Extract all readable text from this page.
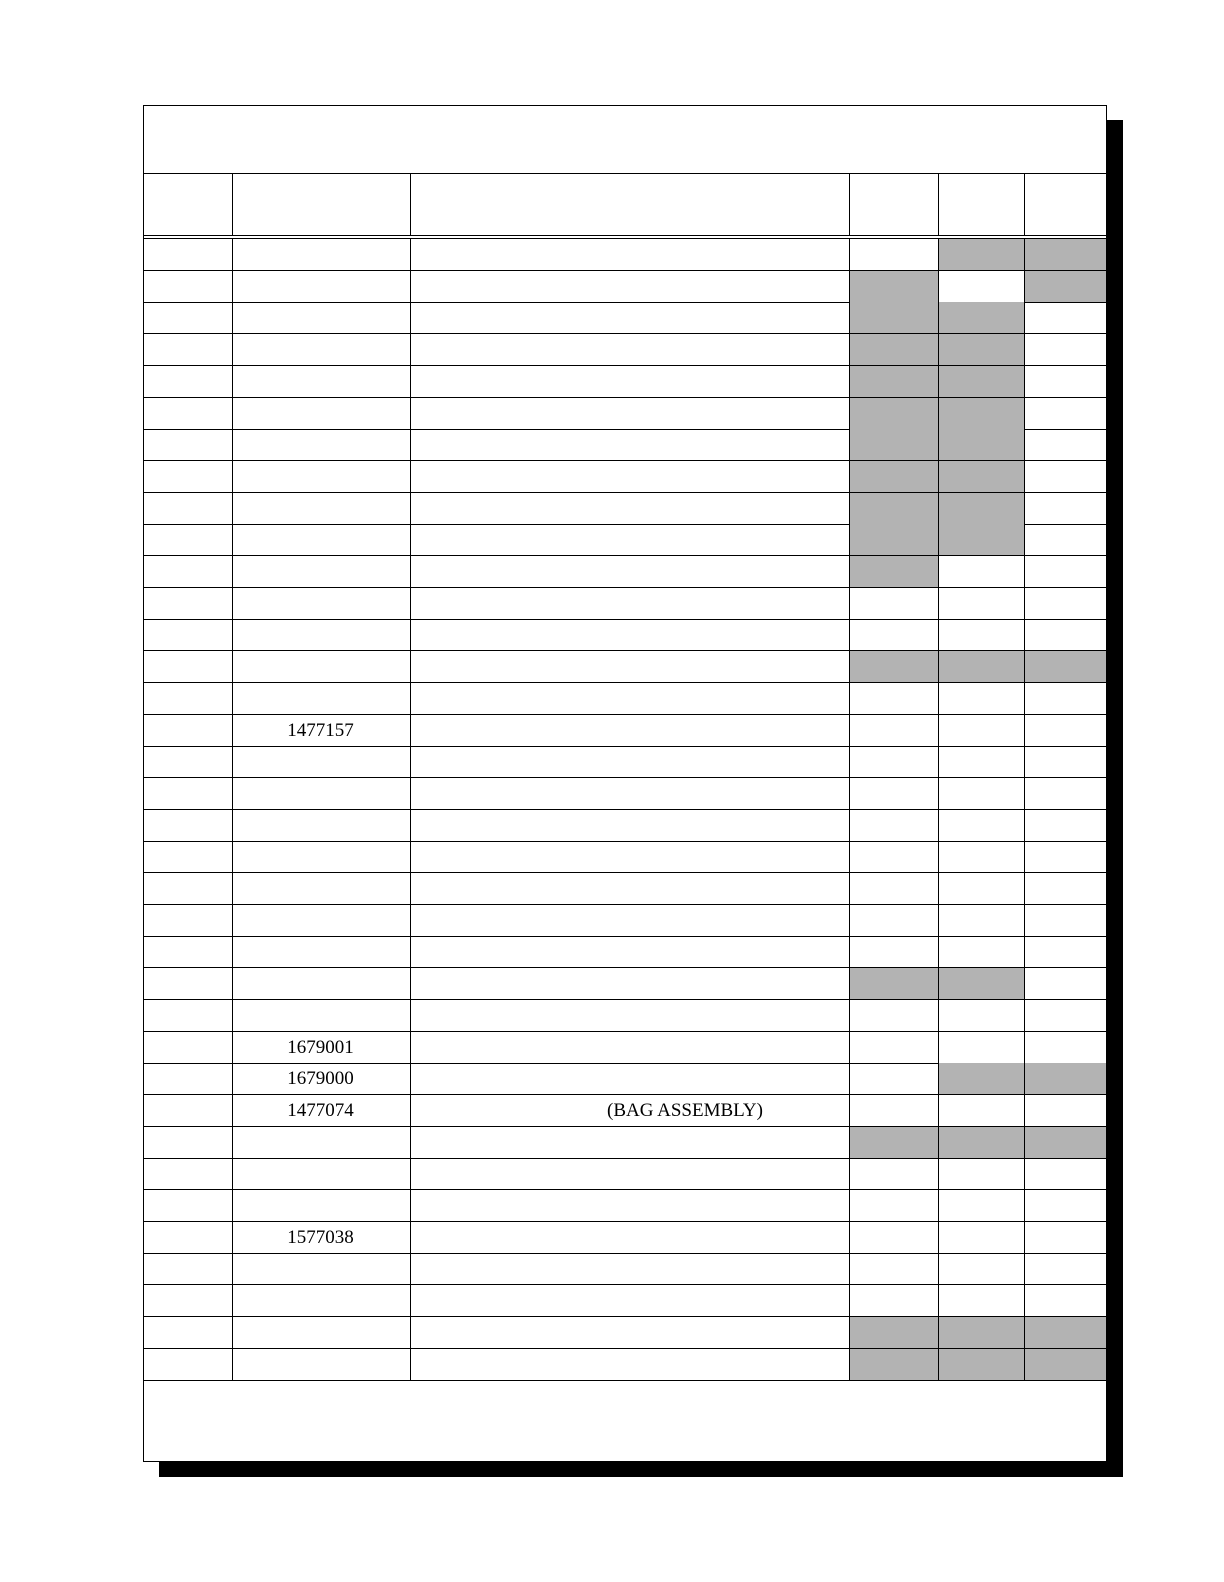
1477157
1679001
1679000
1477074	(BAG ASSEMBLY)
1577038
